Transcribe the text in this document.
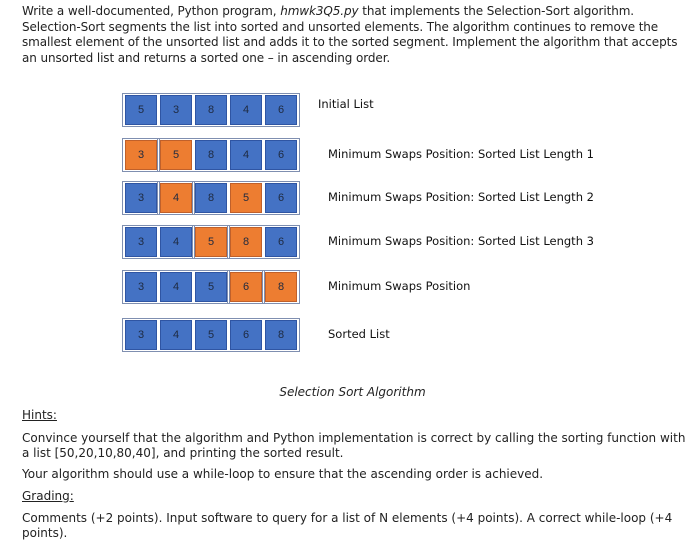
Write a well-documented, Python program, hmwk3Q5.py that implements the Selection-Sort algorithm. Selection-Sort segments the list into sorted and unsorted elements. The algorithm continues to remove the smallest element of the unsorted list and adds it to the sorted segment. Implement the algorithm that accepts an unsorted list and returns a sorted one – in ascending order.
5	3	8	4	6	Initial List
3	5	8	4	6	Minimum Swaps Position: Sorted List Length 1
3	4	8	5	6	Minimum Swaps Position: Sorted List Length 2
3	4	5	8	6	Minimum Swaps Position: Sorted List Length 3
3	4	5	6	8	Minimum Swaps Position
3	4	5	6	8	Sorted List
Selection Sort Algorithm

Hints:

Convince yourself that the algorithm and Python implementation is correct by calling the sorting function with a list [50,20,10,80,40], and printing the sorted result.

Your algorithm should use a while-loop to ensure that the ascending order is achieved.

Grading:

Comments (+2 points). Input software to query for a list of N elements (+4 points). A correct while-loop (+4 points).
